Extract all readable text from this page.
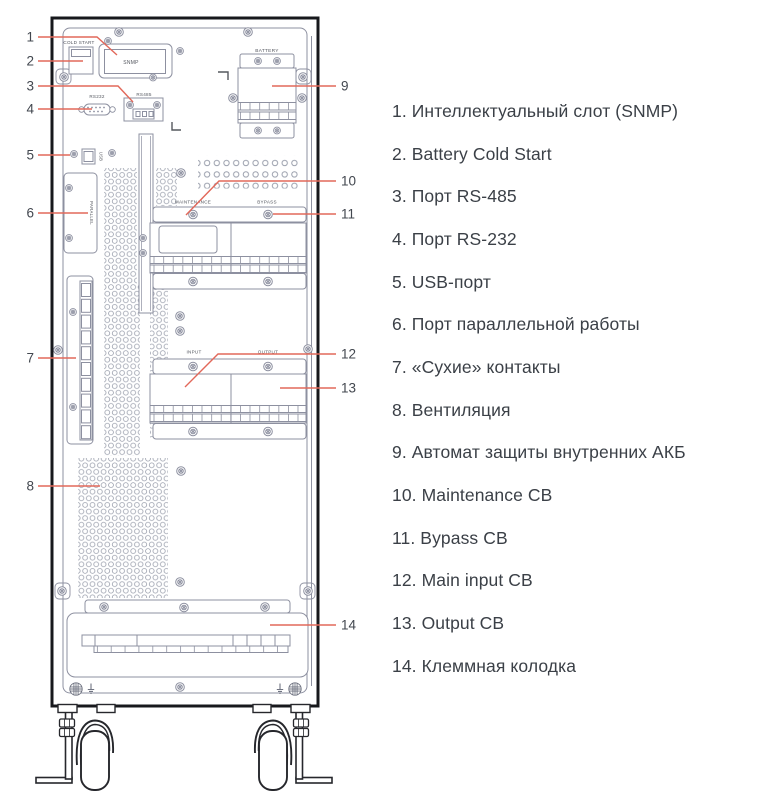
COLD START
SNMP
RS232	RS485
USB
PARALLEL
BATTERY
MAINTENANCE	BYPASS
INPUT	OUTPUT
1
2
3
4
5
6
7
8
9
10
11
12
13
14
1. Интеллектуальный слот (SNMP)
2. Battery Cold Start
3. Порт RS-485
4. Порт RS-232
5. USB-порт
6. Порт параллельной работы
7. «Сухие» контакты
8. Вентиляция
9. Автомат защиты внутренних АКБ
10. Maintenance CB
11. Bypass CB
12. Main input CB
13. Output CB
14. Клеммная колодка
